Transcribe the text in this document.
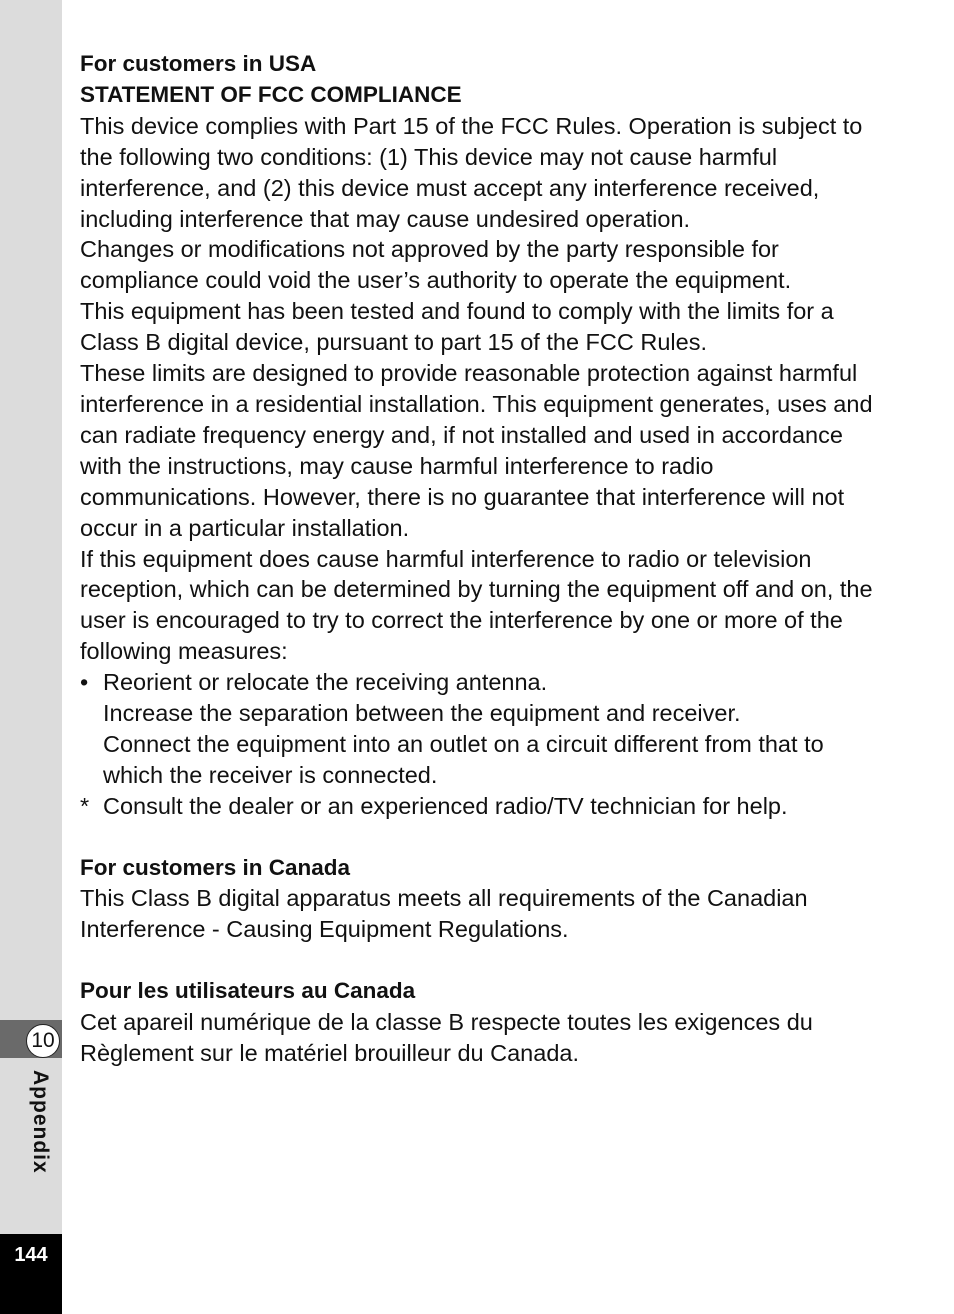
10
Appendix
144

For customers in USA

STATEMENT OF FCC COMPLIANCE

This device complies with Part 15 of the FCC Rules. Operation is subject to the following two conditions: (1) This device may not cause harmful interference, and (2) this device must accept any interference received, including interference that may cause undesired operation.

Changes or modifications not approved by the party responsible for compliance could void the user’s authority to operate the equipment.

This equipment has been tested and found to comply with the limits for a Class B digital device, pursuant to part 15 of the FCC Rules.

These limits are designed to provide reasonable protection against harmful interference in a residential installation. This equipment generates, uses and can radiate frequency energy and, if not installed and used in accordance with the instructions, may cause harmful interference to radio communications. However, there is no guarantee that interference will not occur in a particular installation.

If this equipment does cause harmful interference to radio or television reception, which can be determined by turning the equipment off and on, the user is encouraged to try to correct the interference by one or more of the following measures:

• Reorient or relocate the receiving antenna.
Increase the separation between the equipment and receiver.
Connect the equipment into an outlet on a circuit different from that to which the receiver is connected.
* Consult the dealer or an experienced radio/TV technician for help.

For customers in Canada

This Class B digital apparatus meets all requirements of the Canadian Interference - Causing Equipment Regulations.

Pour les utilisateurs au Canada

Cet apareil numérique de la classe B respecte toutes les exigences du Règlement sur le matériel brouilleur du Canada.
